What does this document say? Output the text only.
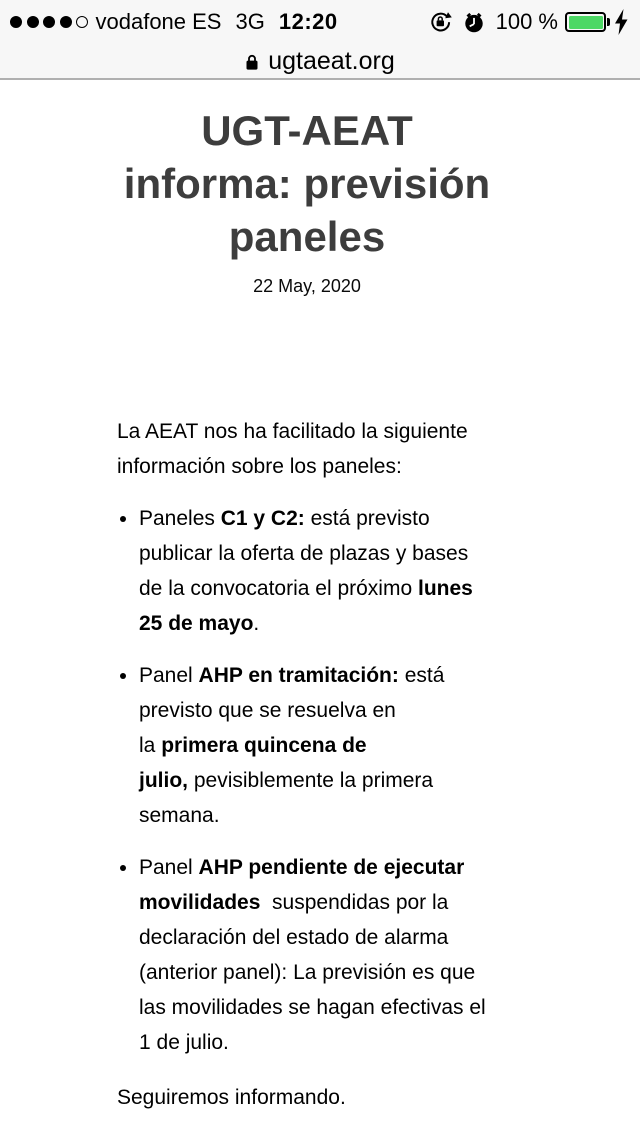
vodafone ES 3G 12:20	100 %
ugtaeat.org
UGT-AEAT
informa: previsión
paneles
22 May, 2020

La AEAT nos ha facilitado la siguiente información sobre los paneles:

• Paneles C1 y C2: está previsto publicar la oferta de plazas y bases de la convocatoria el próximo lunes 25 de mayo.
• Panel AHP en tramitación: está previsto que se resuelva en
la primera quincena de
julio, pevisiblemente la primera semana.
• Panel AHP pendiente de ejecutar movilidades  suspendidas por la declaración del estado de alarma (anterior panel): La previsión es que las movilidades se hagan efectivas el 1 de julio.

Seguiremos informando.
